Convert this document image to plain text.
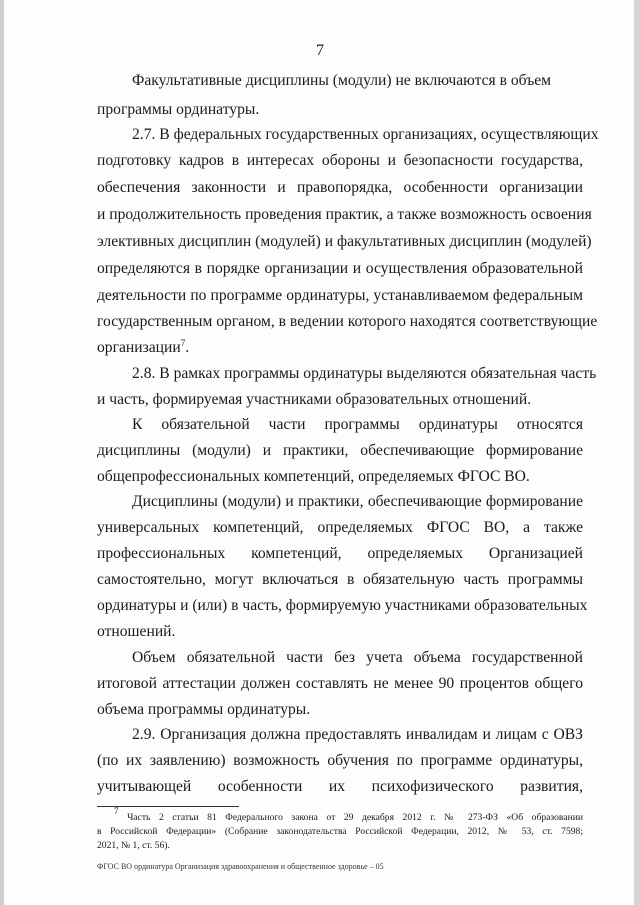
7
Факультативные дисциплины (модули) не включаются в объем
программы ординатуры.
2.7. В федеральных государственных организациях, осуществляющих
подготовку кадров в интересах обороны и безопасности государства,
обеспечения законности и правопорядка, особенности организации
и продолжительность проведения практик, а также возможность освоения
элективных дисциплин (модулей) и факультативных дисциплин (модулей)
определяются в порядке организации и осуществления образовательной
деятельности по программе ординатуры, устанавливаемом федеральным
государственным органом, в ведении которого находятся соответствующие
организации$^7$.
2.8. В рамках программы ординатуры выделяются обязательная часть
и часть, формируемая участниками образовательных отношений.
К обязательной части программы ординатуры относятся
дисциплины (модули) и практики, обеспечивающие формирование
общепрофессиональных компетенций, определяемых ФГОС ВО.
Дисциплины (модули) и практики, обеспечивающие формирование
универсальных компетенций, определяемых ФГОС ВО, а также
профессиональных компетенций, определяемых Организацией
самостоятельно, могут включаться в обязательную часть программы
ординатуры и (или) в часть, формируемую участниками образовательных
отношений.
Объем обязательной части без учета объема государственной
итоговой аттестации должен составлять не менее 90 процентов общего
объема программы ординатуры.
2.9. Организация должна предоставлять инвалидам и лицам с ОВЗ
(по их заявлению) возможность обучения по программе ординатуры,
учитывающей особенности их психофизического развития,
$^7$ Часть 2 статьи 81 Федерального закона от 29 декабря 2012 г. № 273-ФЗ «Об образовании
в Российской Федерации» (Собрание законодательства Российской Федерации, 2012, № 53, ст. 7598;
2021, № 1, ст. 56).
ФГОС ВО ординатура Организация здравоохранения и общественное здоровье – 05
